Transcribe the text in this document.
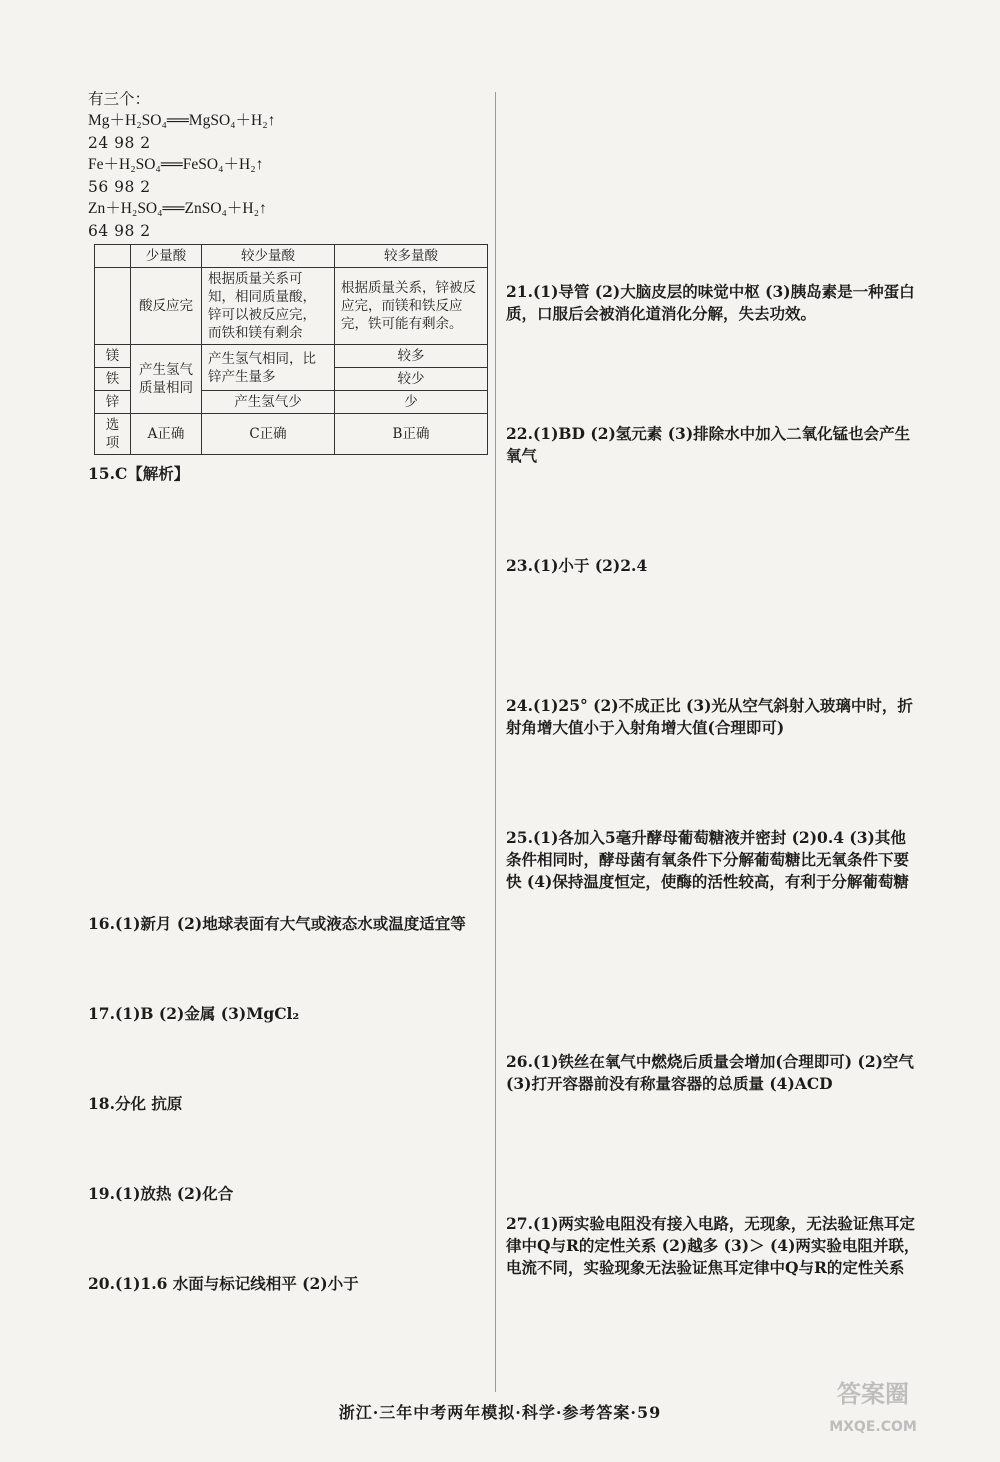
有三个：
Mg＋H₂SO₄══MgSO₄＋H₂↑
24 98 2
Fe＋H₂SO₄══FeSO₄＋H₂↑
56 98 2
Zn＋H₂SO₄══ZnSO₄＋H₂↑
64 98 2
	少量酸	较少量酸	较多量酸
	酸反应完	根据质量关系可知，相同质量酸，锌可以被反应完，而铁和镁有剩余	根据质量关系，锌被反应完，而镁和铁反应完，铁可能有剩余。
镁	产生氢气质量相同	产生氢气相同，比锌产生量多	较多
铁			较少
锌		产生氢气少	少
选项	A正确	C正确	B正确
15.C【解析】
16.(1)新月 (2)地球表面有大气或液态水或温度适宜等
17.(1)B (2)金属 (3)MgCl₂
18.分化 抗原
19.(1)放热 (2)化合
20.(1)1.6 水面与标记线相平 (2)小于
21.(1)导管 (2)大脑皮层的味觉中枢 (3)胰岛素是一种蛋白质，口服后会被消化道消化分解，失去功效。
22.(1)BD (2)氢元素 (3)排除水中加入二氧化锰也会产生氧气
23.(1)小于 (2)2.4
24.(1)25° (2)不成正比 (3)光从空气斜射入玻璃中时，折射角增大值小于入射角增大值(合理即可)
25.(1)各加入5毫升酵母葡萄糖液并密封 (2)0.4 (3)其他条件相同时，酵母菌有氧条件下分解葡萄糖比无氧条件下要快 (4)保持温度恒定，使酶的活性较高，有利于分解葡萄糖
26.(1)铁丝在氧气中燃烧后质量会增加(合理即可) (2)空气 (3)打开容器前没有称量容器的总质量 (4)ACD
27.(1)两实验电阻没有接入电路，无现象，无法验证焦耳定律中Q与R的定性关系 (2)越多 (3)＞ (4)两实验电阻并联，电流不同，实验现象无法验证焦耳定律中Q与R的定性关系
浙江·三年中考两年模拟·科学·参考答案·59
答案圈
MXQE.COM
